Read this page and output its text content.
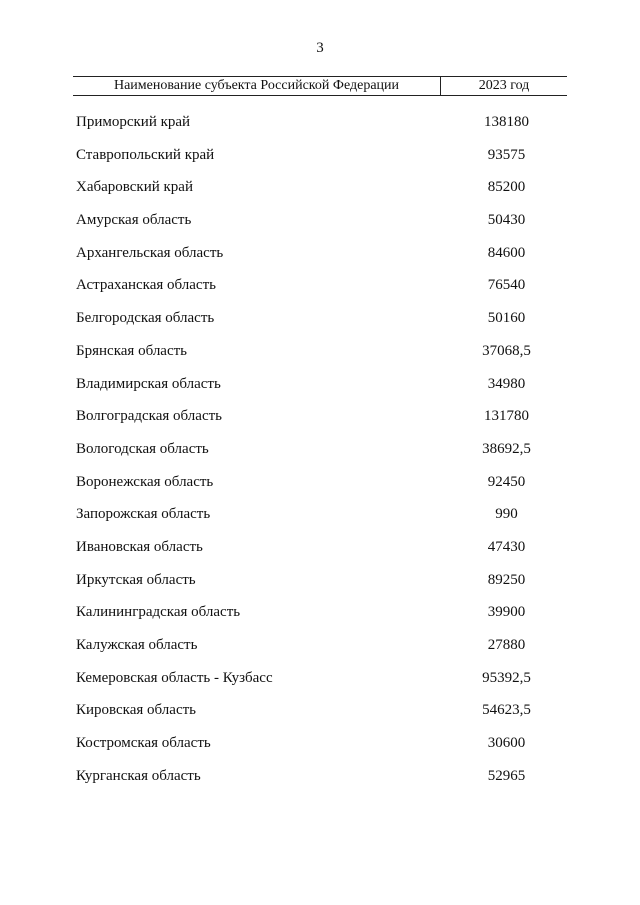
3
Наименование субъекта Российской Федерации	2023 год
Приморский край	138180
Ставропольский край	93575
Хабаровский край	85200
Амурская область	50430
Архангельская область	84600
Астраханская область	76540
Белгородская область	50160
Брянская область	37068,5
Владимирская область	34980
Волгоградская область	131780
Вологодская область	38692,5
Воронежская область	92450
Запорожская область	990
Ивановская область	47430
Иркутская область	89250
Калининградская область	39900
Калужская область	27880
Кемеровская область - Кузбасс	95392,5
Кировская область	54623,5
Костромская область	30600
Курганская область	52965
